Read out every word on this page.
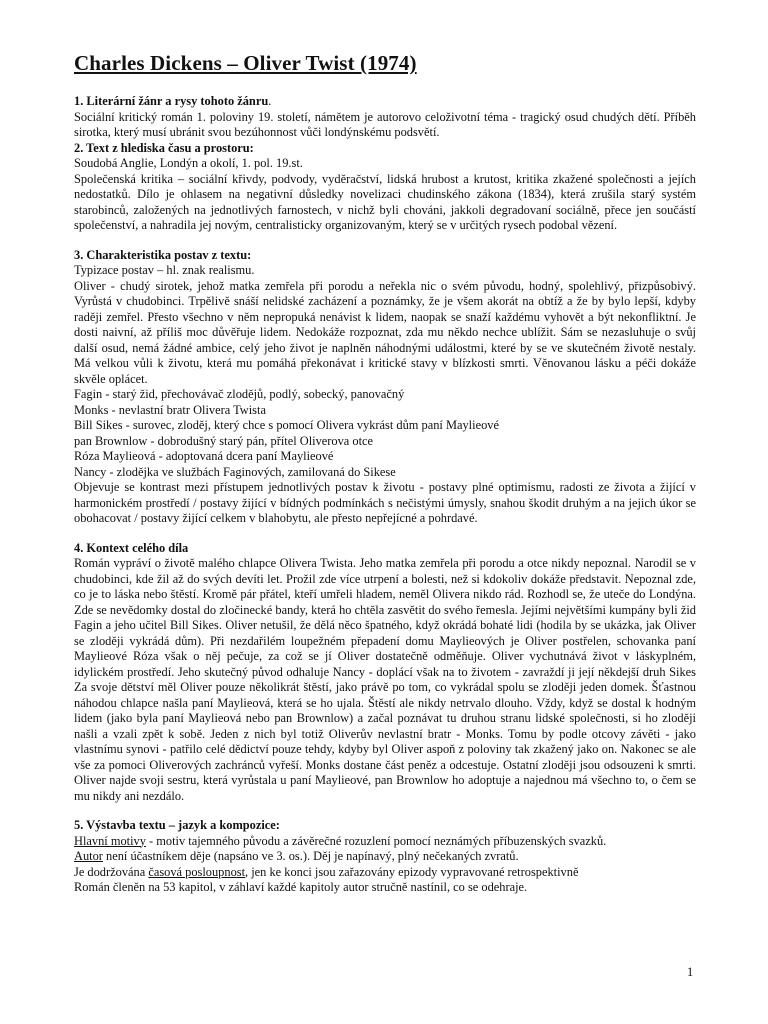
Charles Dickens – Oliver Twist (1974)
1. Literární žánr a rysy tohoto žánru.
Sociální kritický román 1. poloviny 19. století, námětem je autorovo celoživotní téma - tragický osud chudých dětí. Příběh sirotka, který musí ubránit svou bezúhonnost vůči londýnskému podsvětí.
2. Text z hlediska času a prostoru:
Soudobá Anglie, Londýn a okolí, 1. pol. 19.st.
Společenská kritika – sociální křivdy, podvody, vyděračství, lidská hrubost a krutost, kritika zkažené společnosti a jejích nedostatků. Dílo je ohlasem na negativní důsledky novelizaci chudinského zákona (1834), která zrušila starý systém starobinců, založených na jednotlivých farnostech, v nichž byli chováni, jakkoli degradovaní sociálně, přece jen součástí společenství, a nahradila jej novým, centralisticky organizovaným, který se v určitých rysech podobal vězení.
3. Charakteristika postav z textu:
Typizace postav – hl. znak realismu.
Oliver - chudý sirotek, jehož matka zemřela při porodu a neřekla nic o svém původu, hodný, spolehlivý, přizpůsobivý. Vyrůstá v chudobinci. Trpělivě snáší nelidské zacházení a poznámky, že je všem akorát na obtíž a že by bylo lepší, kdyby raději zemřel. Přesto všechno v něm nepropuká nenávist k lidem, naopak se snaží každému vyhovět a být nekonfliktní. Je dosti naivní, až příliš moc důvěřuje lidem. Nedokáže rozpoznat, zda mu někdo nechce ublížit. Sám se nezasluhuje o svůj další osud, nemá žádné ambice, celý jeho život je naplněn náhodnými událostmi, které by se ve skutečném životě nestaly. Má velkou vůli k životu, která mu pomáhá překonávat i kritické stavy v blízkosti smrti. Věnovanou lásku a péči dokáže skvěle oplácet.
Fagin - starý žid, přechovávač zlodějů, podlý, sobecký, panovačný
Monks - nevlastní bratr Olivera Twista
Bill Sikes - surovec, zloděj, který chce s pomocí Olivera vykrást dům paní Maylieové
pan Brownlow - dobrodušný starý pán, přítel Oliverova otce
Róza Maylieová - adoptovaná dcera paní Maylieové
Nancy - zlodějka ve službách Faginových, zamilovaná do Sikese
Objevuje se kontrast mezi přístupem jednotlivých postav k životu - postavy plné optimismu, radosti ze života a žijící v harmonickém prostředí / postavy žijící v bídných podmínkách s nečistými úmysly, snahou škodit druhým a na jejich úkor se obohacovat / postavy žijící celkem v blahobytu, ale přesto nepřejícné a pohrdavé.
4. Kontext celého díla
Román vypráví o životě malého chlapce Olivera Twista. Jeho matka zemřela při porodu a otce nikdy nepoznal. Narodil se v chudobinci, kde žil až do svých devíti let. Prožil zde více utrpení a bolesti, než si kdokoliv dokáže představit. Nepoznal zde, co je to láska nebo štěstí. Kromě pár přátel, kteří umřeli hladem, neměl Olivera nikdo rád. Rozhodl se, že uteče do Londýna. Zde se nevědomky dostal do zločinecké bandy, která ho chtěla zasvětit do svého řemesla. Jejími největšími kumpány byli žid Fagin a jeho učitel Bill Sikes. Oliver netušil, že dělá něco špatného, když okrádá bohaté lidi (hodila by se ukázka, jak Oliver se zloději vykrádá dům). Při nezdařilém loupežném přepadení domu Maylieových je Oliver postřelen, schovanka paní Maylieové Róza však o něj pečuje, za což se jí Oliver dostatečně odměňuje. Oliver vychutnává život v láskyplném, idylickém prostředí. Jeho skutečný původ odhaluje Nancy - doplácí však na to životem - zavraždí ji její někdejší druh Sikes Za svoje dětství měl Oliver pouze několikrát štěstí, jako právě po tom, co vykrádal spolu se zloději jeden domek. Šťastnou náhodou chlapce našla paní Maylieová, která se ho ujala. Štěstí ale nikdy netrvalo dlouho. Vždy, když se dostal k hodným lidem (jako byla paní Maylieová nebo pan Brownlow) a začal poznávat tu druhou stranu lidské společnosti, si ho zloději našli a vzali zpět k sobě. Jeden z nich byl totiž Oliverův nevlastní bratr - Monks. Tomu by podle otcovy závěti - jako vlastnímu synovi - patřilo celé dědictví pouze tehdy, kdyby byl Oliver aspoň z poloviny tak zkažený jako on. Nakonec se ale vše za pomoci Oliverových zachránců vyřeší. Monks dostane část peněz a odcestuje. Ostatní zloději jsou odsouzeni k smrti. Oliver najde svoji sestru, která vyrůstala u paní Maylieové, pan Brownlow ho adoptuje a najednou má všechno to, o čem se mu nikdy ani nezdálo.
5. Výstavba textu – jazyk a kompozice:
Hlavní motivy - motiv tajemného původu a závěrečné rozuzlení pomocí neznámých příbuzenských svazků.
Autor není účastníkem děje (napsáno ve 3. os.). Děj je napínavý, plný nečekaných zvratů.
Je dodržována časová posloupnost, jen ke konci jsou zařazovány epizody vypravované retrospektivně
Román členěn na 53 kapitol, v záhlaví každé kapitoly autor stručně nastínil, co se odehraje.
1
